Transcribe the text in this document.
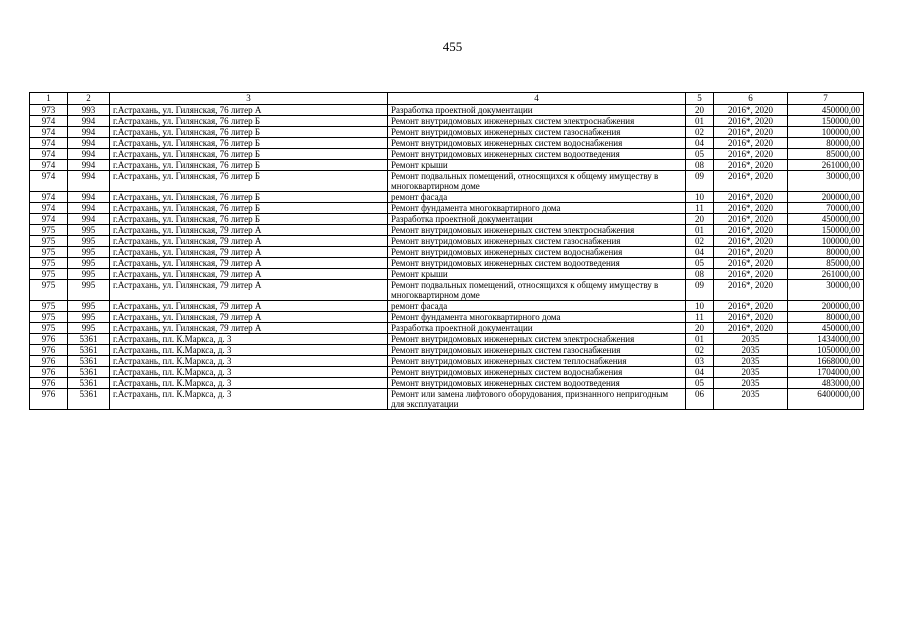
455
1	2	3	4	5	6	7
973	993	г.Астрахань, ул. Гилянская, 76 литер А	Разработка проектной документации	20	2016*, 2020	450000,00
974	994	г.Астрахань, ул. Гилянская, 76 литер Б	Ремонт внутридомовых инженерных систем электроснабжения	01	2016*, 2020	150000,00
974	994	г.Астрахань, ул. Гилянская, 76 литер Б	Ремонт внутридомовых инженерных систем газоснабжения	02	2016*, 2020	100000,00
974	994	г.Астрахань, ул. Гилянская, 76 литер Б	Ремонт внутридомовых инженерных систем водоснабжения	04	2016*, 2020	80000,00
974	994	г.Астрахань, ул. Гилянская, 76 литер Б	Ремонт внутридомовых инженерных систем водоотведения	05	2016*, 2020	85000,00
974	994	г.Астрахань, ул. Гилянская, 76 литер Б	Ремонт крыши	08	2016*, 2020	261000,00
974	994	г.Астрахань, ул. Гилянская, 76 литер Б	Ремонт подвальных помещений, относящихся к общему имуществу в многоквартирном доме	09	2016*, 2020	30000,00
974	994	г.Астрахань, ул. Гилянская, 76 литер Б	ремонт фасада	10	2016*, 2020	200000,00
974	994	г.Астрахань, ул. Гилянская, 76 литер Б	Ремонт фундамента многоквартирного дома	11	2016*, 2020	70000,00
974	994	г.Астрахань, ул. Гилянская, 76 литер Б	Разработка проектной документации	20	2016*, 2020	450000,00
975	995	г.Астрахань, ул. Гилянская, 79 литер А	Ремонт внутридомовых инженерных систем электроснабжения	01	2016*, 2020	150000,00
975	995	г.Астрахань, ул. Гилянская, 79 литер А	Ремонт внутридомовых инженерных систем газоснабжения	02	2016*, 2020	100000,00
975	995	г.Астрахань, ул. Гилянская, 79 литер А	Ремонт внутридомовых инженерных систем водоснабжения	04	2016*, 2020	80000,00
975	995	г.Астрахань, ул. Гилянская, 79 литер А	Ремонт внутридомовых инженерных систем водоотведения	05	2016*, 2020	85000,00
975	995	г.Астрахань, ул. Гилянская, 79 литер А	Ремонт крыши	08	2016*, 2020	261000,00
975	995	г.Астрахань, ул. Гилянская, 79 литер А	Ремонт подвальных помещений, относящихся к общему имуществу в многоквартирном доме	09	2016*, 2020	30000,00
975	995	г.Астрахань, ул. Гилянская, 79 литер А	ремонт фасада	10	2016*, 2020	200000,00
975	995	г.Астрахань, ул. Гилянская, 79 литер А	Ремонт фундамента многоквартирного дома	11	2016*, 2020	80000,00
975	995	г.Астрахань, ул. Гилянская, 79 литер А	Разработка проектной документации	20	2016*, 2020	450000,00
976	5361	г.Астрахань, пл. К.Маркса, д. 3	Ремонт внутридомовых инженерных систем электроснабжения	01	2035	1434000,00
976	5361	г.Астрахань, пл. К.Маркса, д. 3	Ремонт внутридомовых инженерных систем газоснабжения	02	2035	1050000,00
976	5361	г.Астрахань, пл. К.Маркса, д. 3	Ремонт внутридомовых инженерных систем теплоснабжения	03	2035	1668000,00
976	5361	г.Астрахань, пл. К.Маркса, д. 3	Ремонт внутридомовых инженерных систем водоснабжения	04	2035	1704000,00
976	5361	г.Астрахань, пл. К.Маркса, д. 3	Ремонт внутридомовых инженерных систем водоотведения	05	2035	483000,00
976	5361	г.Астрахань, пл. К.Маркса, д. 3	Ремонт или замена лифтового оборудования, признанного непригодным для эксплуатации	06	2035	6400000,00
